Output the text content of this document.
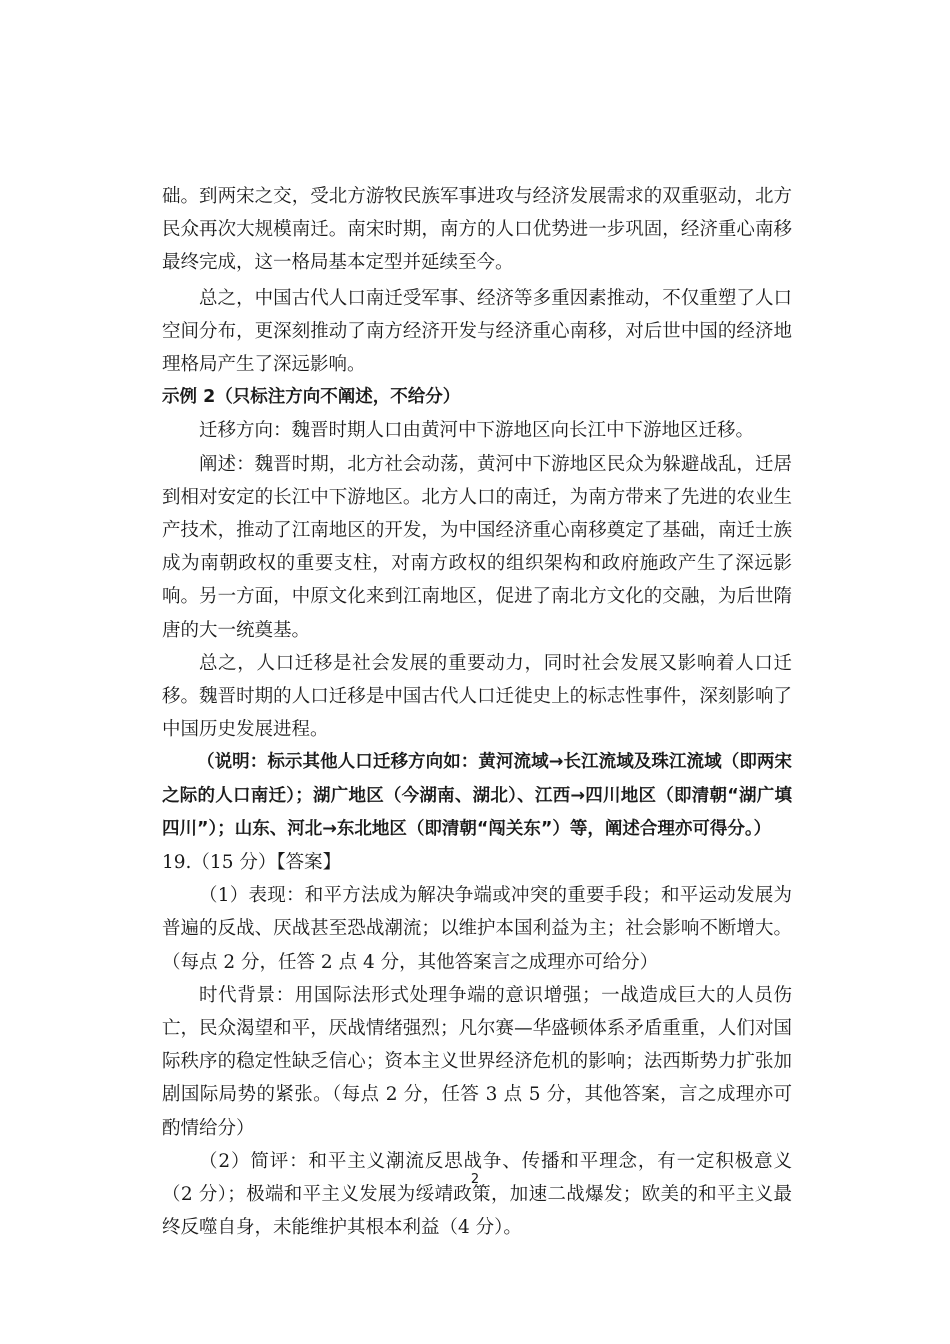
础。到两宋之交，受北方游牧民族军事进攻与经济发展需求的双重驱动，北方民众再次大规模南迁。南宋时期，南方的人口优势进一步巩固，经济重心南移最终完成，这一格局基本定型并延续至今。

总之，中国古代人口南迁受军事、经济等多重因素推动，不仅重塑了人口空间分布，更深刻推动了南方经济开发与经济重心南移，对后世中国的经济地理格局产生了深远影响。

示例 2（只标注方向不阐述，不给分）

迁移方向：魏晋时期人口由黄河中下游地区向长江中下游地区迁移。

阐述：魏晋时期，北方社会动荡，黄河中下游地区民众为躲避战乱，迁居到相对安定的长江中下游地区。北方人口的南迁，为南方带来了先进的农业生产技术，推动了江南地区的开发，为中国经济重心南移奠定了基础，南迁士族成为南朝政权的重要支柱，对南方政权的组织架构和政府施政产生了深远影响。另一方面，中原文化来到江南地区，促进了南北方文化的交融，为后世隋唐的大一统奠基。

总之，人口迁移是社会发展的重要动力，同时社会发展又影响着人口迁移。魏晋时期的人口迁移是中国古代人口迁徙史上的标志性事件，深刻影响了中国历史发展进程。

（说明：标示其他人口迁移方向如：黄河流域→长江流域及珠江流域（即两宋之际的人口南迁）；湖广地区（今湖南、湖北）、江西→四川地区（即清朝“湖广填四川”）；山东、河北→东北地区（即清朝“闯关东”）等，阐述合理亦可得分。）

19.（15 分）【答案】

（1）表现：和平方法成为解决争端或冲突的重要手段；和平运动发展为普遍的反战、厌战甚至恐战潮流；以维护本国利益为主；社会影响不断增大。（每点 2 分，任答 2 点 4 分，其他答案言之成理亦可给分）

时代背景：用国际法形式处理争端的意识增强；一战造成巨大的人员伤亡，民众渴望和平，厌战情绪强烈；凡尔赛—华盛顿体系矛盾重重，人们对国际秩序的稳定性缺乏信心；资本主义世界经济危机的影响；法西斯势力扩张加剧国际局势的紧张。（每点 2 分，任答 3 点 5 分，其他答案，言之成理亦可酌情给分）

（2）简评：和平主义潮流反思战争、传播和平理念，有一定积极意义（2 分）；极端和平主义发展为绥靖政策，加速二战爆发；欧美的和平主义最终反噬自身，未能维护其根本利益（4 分）。

2
